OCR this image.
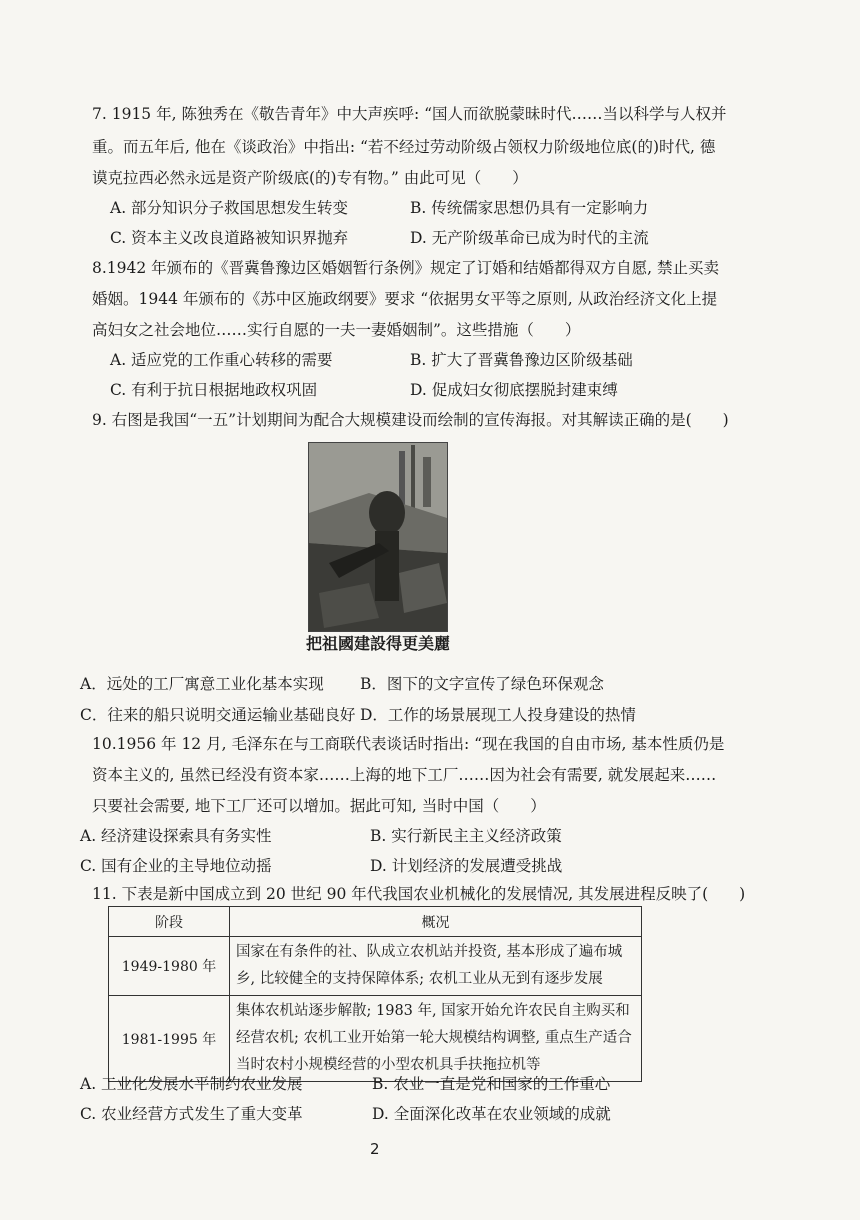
7. 1915 年, 陈独秀在《敬告青年》中大声疾呼: “国人而欲脱蒙昧时代……当以科学与人权并
重。而五年后, 他在《谈政治》中指出: “若不经过劳动阶级占领权力阶级地位底(的)时代, 德
谟克拉西必然永远是资产阶级底(的)专有物。” 由此可见（　　）
A. 部分知识分子救国思想发生转变	B. 传统儒家思想仍具有一定影响力
C. 资本主义改良道路被知识界抛弃	D. 无产阶级革命已成为时代的主流
8.1942 年颁布的《晋冀鲁豫边区婚姻暂行条例》规定了订婚和结婚都得双方自愿, 禁止买卖
婚姻。1944 年颁布的《苏中区施政纲要》要求 “依据男女平等之原则, 从政治经济文化上提
高妇女之社会地位……实行自愿的一夫一妻婚姻制”。这些措施（　　）
A. 适应党的工作重心转移的需要	B. 扩大了晋冀鲁豫边区阶级基础
C. 有利于抗日根据地政权巩固	D. 促成妇女彻底摆脱封建束缚
9. 右图是我国“一五”计划期间为配合大规模建设而绘制的宣传海报。对其解读正确的是(　　)
把祖國建設得更美麗
A．远处的工厂寓意工业化基本实现 B．图下的文字宣传了绿色环保观念
C．往来的船只说明交通运输业基础良好 D．工作的场景展现工人投身建设的热情
10.1956 年 12 月, 毛泽东在与工商联代表谈话时指出: “现在我国的自由市场, 基本性质仍是
资本主义的, 虽然已经没有资本家……上海的地下工厂……因为社会有需要, 就发展起来……
只要社会需要, 地下工厂还可以增加。据此可知, 当时中国（　　）
A. 经济建设探索具有务实性	B. 实行新民主主义经济政策
C. 国有企业的主导地位动摇	D. 计划经济的发展遭受挑战
11. 下表是新中国成立到 20 世纪 90 年代我国农业机械化的发展情况, 其发展进程反映了(　　)
阶段	概况
1949-1980 年	国家在有条件的社、队成立农机站并投资, 基本形成了遍布城
乡, 比较健全的支持保障体系; 农机工业从无到有逐步发展

1981-1995 年	集体农机站逐步解散; 1983 年, 国家开始允许农民自主购买和
经营农机; 农机工业开始第一轮大规模结构调整, 重点生产适合
当时农村小规模经营的小型农机具手扶拖拉机等
A. 工业化发展水平制约农业发展	B. 农业一直是党和国家的工作重心
C. 农业经营方式发生了重大变革	D. 全面深化改革在农业领域的成就
2
